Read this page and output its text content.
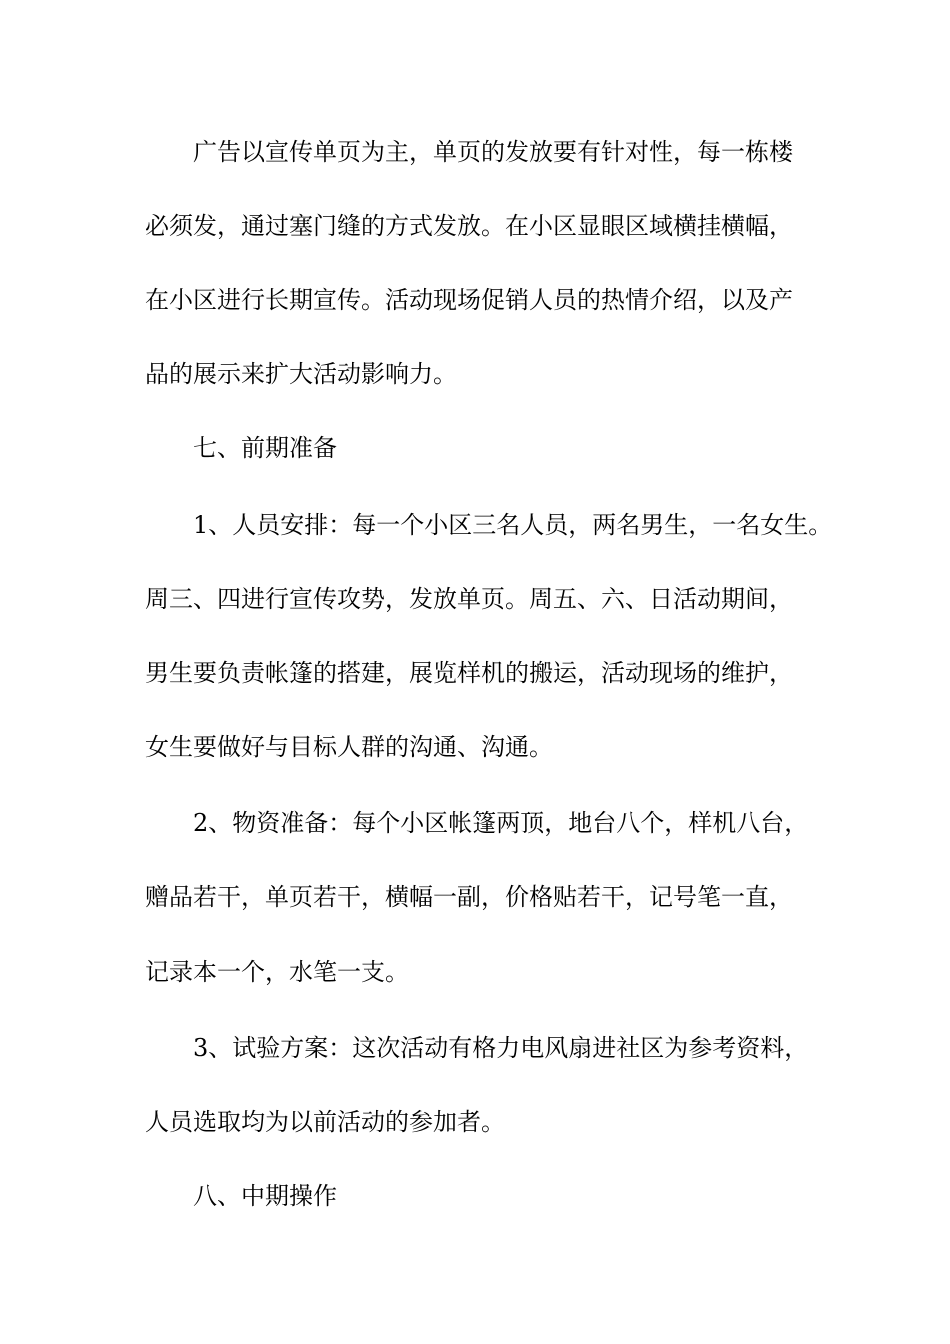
广告以宣传单页为主，单页的发放要有针对性，每一栋楼
必须发，通过塞门缝的方式发放。在小区显眼区域横挂横幅，
在小区进行长期宣传。活动现场促销人员的热情介绍，以及产
品的展示来扩大活动影响力。
七、前期准备
1、人员安排：每一个小区三名人员，两名男生，一名女生。
周三、四进行宣传攻势，发放单页。周五、六、日活动期间，
男生要负责帐篷的搭建，展览样机的搬运，活动现场的维护，
女生要做好与目标人群的沟通、沟通。
2、物资准备：每个小区帐篷两顶，地台八个，样机八台，
赠品若干，单页若干，横幅一副，价格贴若干，记号笔一直，
记录本一个，水笔一支。
3、试验方案：这次活动有格力电风扇进社区为参考资料，
人员选取均为以前活动的参加者。
八、中期操作
